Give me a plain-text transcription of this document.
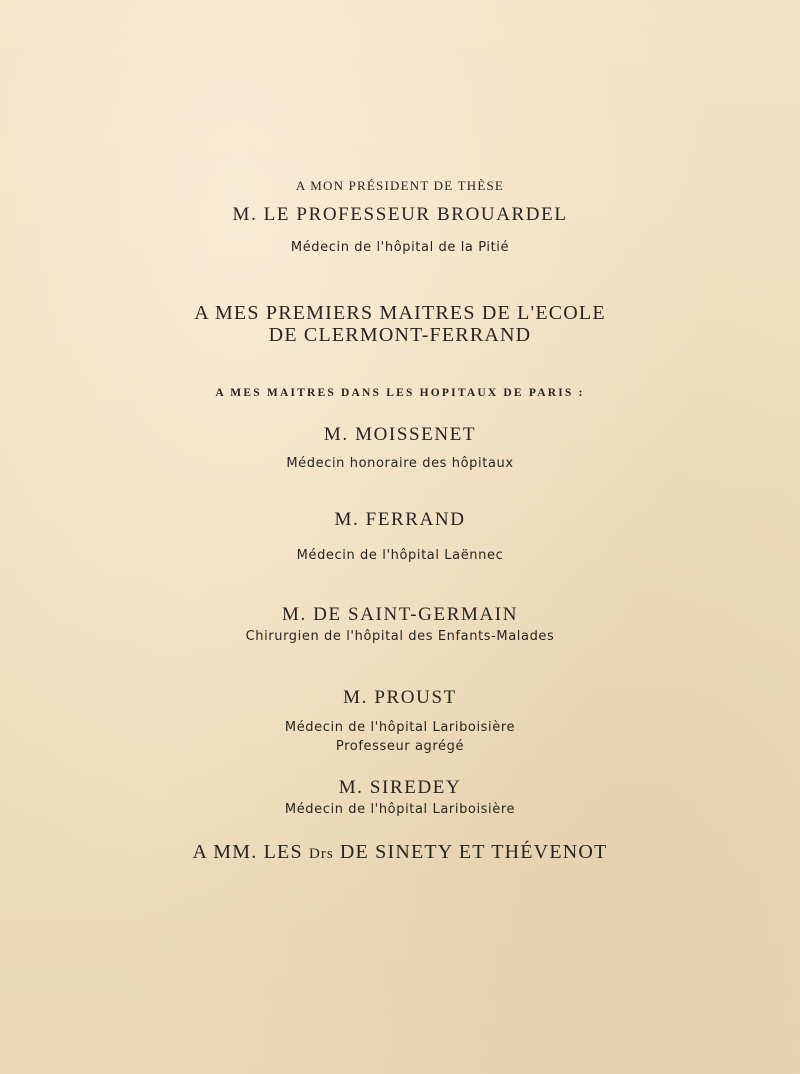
A MON PRÉSIDENT DE THÈSE
M. LE PROFESSEUR BROUARDEL
Médecin de l'hôpital de la Pitié
A MES PREMIERS MAITRES DE L'ECOLE
DE CLERMONT-FERRAND
A MES MAITRES DANS LES HOPITAUX DE PARIS :
M. MOISSENET
Médecin honoraire des hôpitaux
M. FERRAND
Médecin de l'hôpital Laënnec
M. DE SAINT-GERMAIN
Chirurgien de l'hôpital des Enfants-Malades
M. PROUST
Médecin de l'hôpital Lariboisière
Professeur agrégé
M. SIREDEY
Médecin de l'hôpital Lariboisière
A MM. LES Drs DE SINETY ET THÉVENOT
